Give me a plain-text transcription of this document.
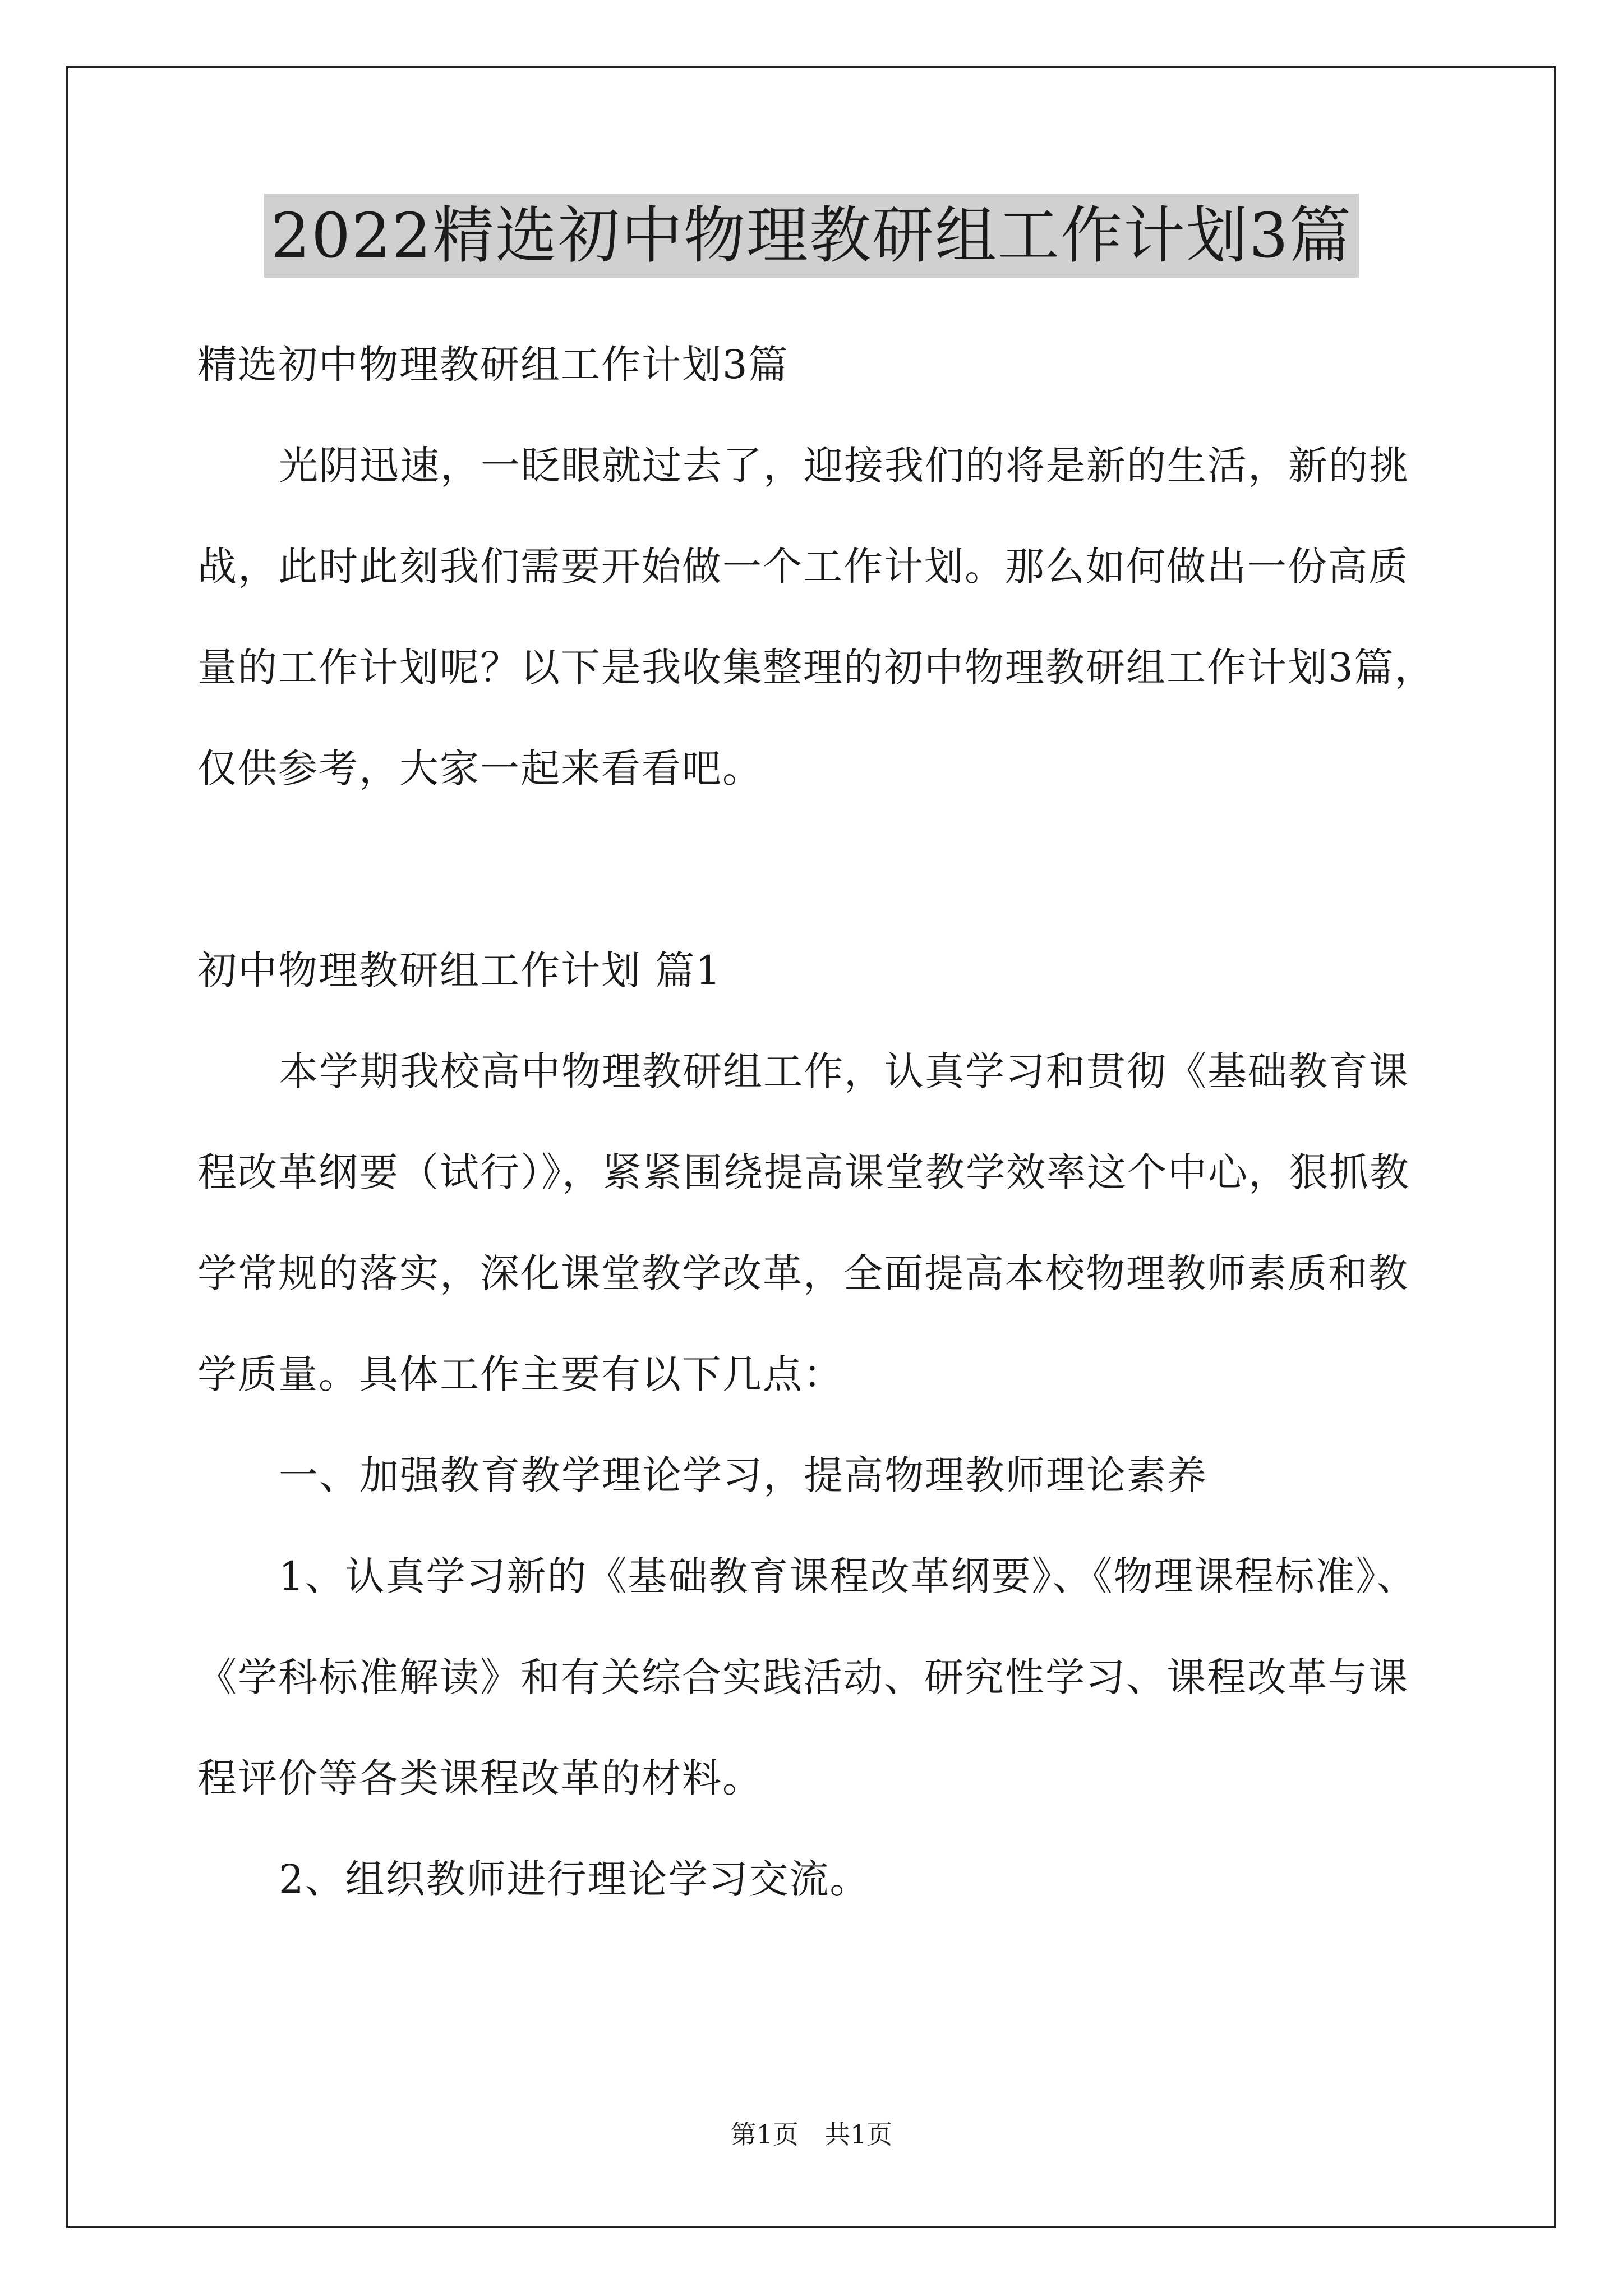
2022精选初中物理教研组工作计划3篇
精选初中物理教研组工作计划3篇
光阴迅速，一眨眼就过去了，迎接我们的将是新的生活，新的挑
战，此时此刻我们需要开始做一个工作计划。那么如何做出一份高质
量的工作计划呢？以下是我收集整理的初中物理教研组工作计划3篇，
仅供参考，大家一起来看看吧。
初中物理教研组工作计划 篇1
本学期我校高中物理教研组工作，认真学习和贯彻《基础教育课
程改革纲要（试行）》，紧紧围绕提高课堂教学效率这个中心，狠抓教
学常规的落实，深化课堂教学改革，全面提高本校物理教师素质和教
学质量。具体工作主要有以下几点：
一、加强教育教学理论学习，提高物理教师理论素养
1、认真学习新的《基础教育课程改革纲要》、《物理课程标准》、
《学科标准解读》和有关综合实践活动、研究性学习、课程改革与课
程评价等各类课程改革的材料。
2、组织教师进行理论学习交流。
第1页　共1页
